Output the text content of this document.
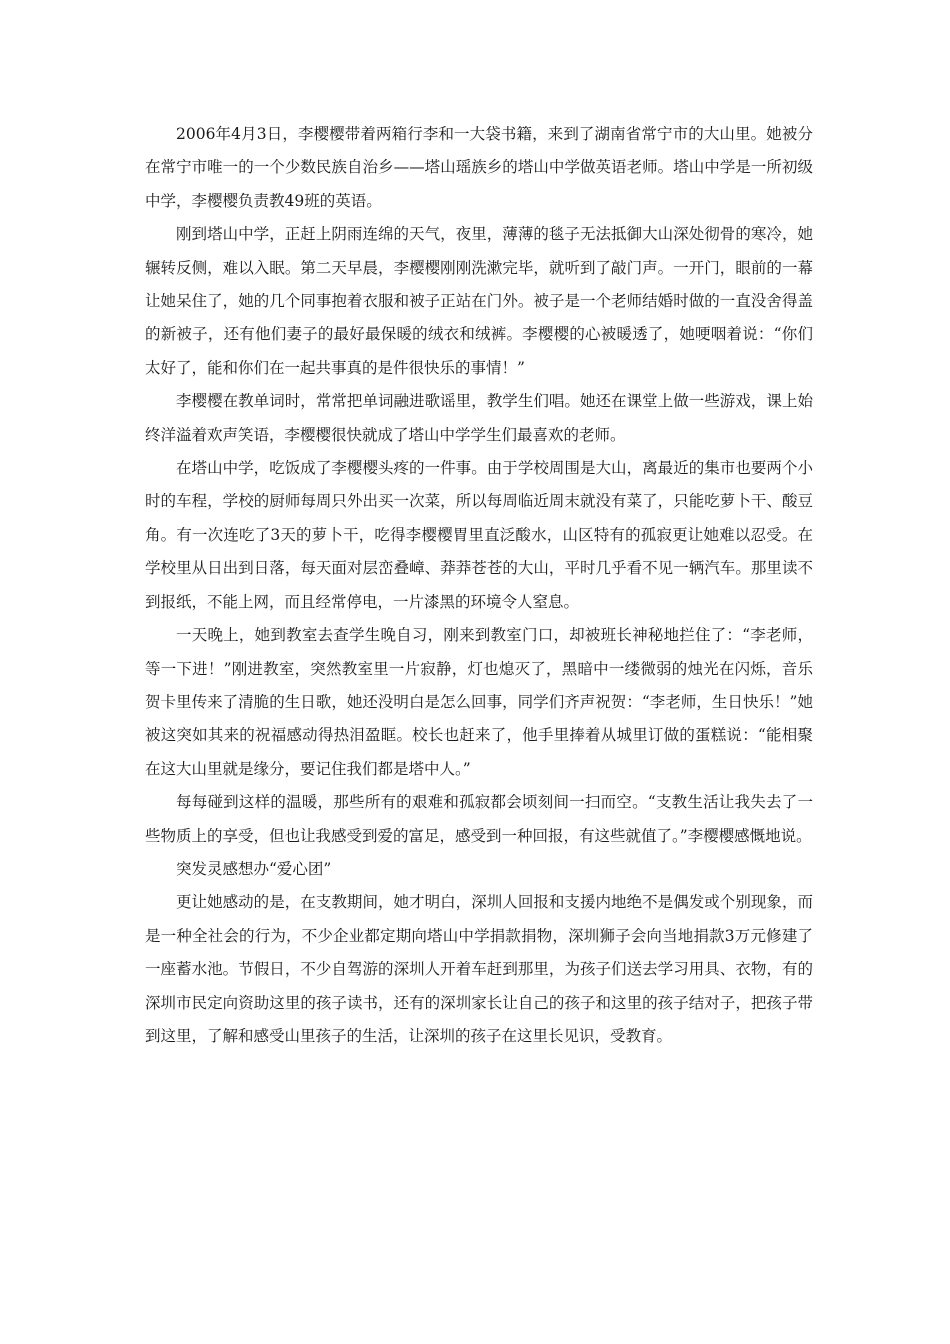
2006年4月3日，李樱樱带着两箱行李和一大袋书籍，来到了湖南省常宁市的大山里。她被分在常宁市唯一的一个少数民族自治乡——塔山瑶族乡的塔山中学做英语老师。塔山中学是一所初级中学，李樱樱负责教49班的英语。

刚到塔山中学，正赶上阴雨连绵的天气，夜里，薄薄的毯子无法抵御大山深处彻骨的寒冷，她辗转反侧，难以入眠。第二天早晨，李樱樱刚刚洗漱完毕，就听到了敲门声。一开门，眼前的一幕让她呆住了，她的几个同事抱着衣服和被子正站在门外。被子是一个老师结婚时做的一直没舍得盖的新被子，还有他们妻子的最好最保暖的绒衣和绒裤。李樱樱的心被暖透了，她哽咽着说：“你们太好了，能和你们在一起共事真的是件很快乐的事情！”

李樱樱在教单词时，常常把单词融进歌谣里，教学生们唱。她还在课堂上做一些游戏，课上始终洋溢着欢声笑语，李樱樱很快就成了塔山中学学生们最喜欢的老师。

在塔山中学，吃饭成了李樱樱头疼的一件事。由于学校周围是大山，离最近的集市也要两个小时的车程，学校的厨师每周只外出买一次菜，所以每周临近周末就没有菜了，只能吃萝卜干、酸豆角。有一次连吃了3天的萝卜干，吃得李樱樱胃里直泛酸水，山区特有的孤寂更让她难以忍受。在学校里从日出到日落，每天面对层峦叠嶂、莽莽苍苍的大山，平时几乎看不见一辆汽车。那里读不到报纸，不能上网，而且经常停电，一片漆黑的环境令人窒息。

一天晚上，她到教室去查学生晚自习，刚来到教室门口，却被班长神秘地拦住了：“李老师，等一下进！”刚进教室，突然教室里一片寂静，灯也熄灭了，黑暗中一缕微弱的烛光在闪烁，音乐贺卡里传来了清脆的生日歌，她还没明白是怎么回事，同学们齐声祝贺：“李老师，生日快乐！”她被这突如其来的祝福感动得热泪盈眶。校长也赶来了，他手里捧着从城里订做的蛋糕说：“能相聚在这大山里就是缘分，要记住我们都是塔中人。”

每每碰到这样的温暖，那些所有的艰难和孤寂都会顷刻间一扫而空。“支教生活让我失去了一些物质上的享受，但也让我感受到爱的富足，感受到一种回报，有这些就值了。”李樱樱感慨地说。

突发灵感想办“爱心团”

更让她感动的是，在支教期间，她才明白，深圳人回报和支援内地绝不是偶发或个别现象，而是一种全社会的行为，不少企业都定期向塔山中学捐款捐物，深圳狮子会向当地捐款3万元修建了一座蓄水池。节假日，不少自驾游的深圳人开着车赶到那里，为孩子们送去学习用具、衣物，有的深圳市民定向资助这里的孩子读书，还有的深圳家长让自己的孩子和这里的孩子结对子，把孩子带到这里，了解和感受山里孩子的生活，让深圳的孩子在这里长见识，受教育。
